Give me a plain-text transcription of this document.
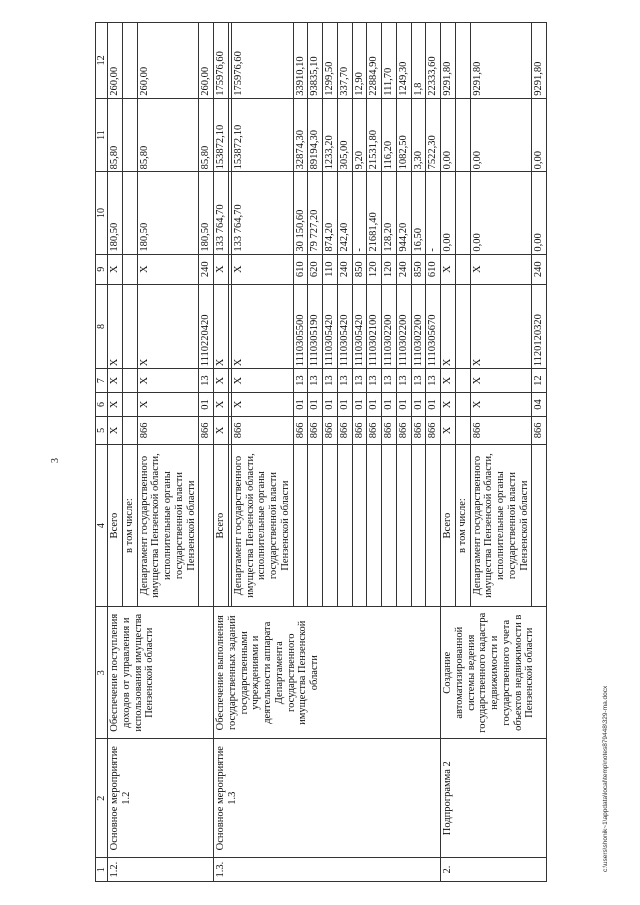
3
1	2	3	4	5	6	7	8	9	10	11	12
1.2.	Основное мероприятие 1.2	Обеспечение поступления доходов от управления и использования имущества Пензенской области	Всего	X	X	X	X	X	180,50	85,80	260,00
			в том числе:								
			Департамент государственного имущества Пензенской области, исполнительные органы государственной власти Пензенской области	866	X	X	X	X	180,50	85,80	260,00
				866	01	13	1110220420	240	180,50	85,80	260,00
1.3.	Основное мероприятие 1.3	Обеспечение выполнения государственных заданий государственными учреждениями и деятельности аппарата Департамента государственного имущества Пензенской области	Всего	X	X	X	X	X	133 764,70	153872,10	175976,60

			Департамент государственного имущества Пензенской области, исполнительные органы государственной власти Пензенской области	866	X	X	X	X	133 764,70	153872,10	175976,60
				866	01	13	1110305500	610	30 150,60	32874,30	33910,10
				866	01	13	1110305190	620	79 727,20	89194,30	93835,10
				866	01	13	1110305420	110	874,20	1233,20	1299,50
				866	01	13	1110305420	240	242,40	305,00	337,70
				866	01	13	1110305420	850	-	9,20	12,90
				866	01	13	1110302100	120	21681,40	21531,80	22884,90
				866	01	13	1110302200	120	128,20	116,20	111,70
				866	01	13	1110302200	240	944,20	1082,50	1249,30
				866	01	13	1110302200	850	16,50	3,30	1,8
				866	01	13	1110305670	610	-	7522,30	22333,60
2.	Подпрограмма 2	Создание автоматизированной системы ведения государственного кадастра недвижимости и государственного учета объектов недвижимости в Пензенской области	Всего	X	X	X	X	X	0,00	0,00	9291,80
			в том числе:								
			Департамент государственного имущества Пензенской области, исполнительные органы государственной власти Пензенской области	866	X	X	X	X	0,00	0,00	9291,80
				866	04	12	1120120320	240	0,00	0,00	9291,80
c:\users\shonik~1\appdata\local\temp\notes879448\329-ma.docx
